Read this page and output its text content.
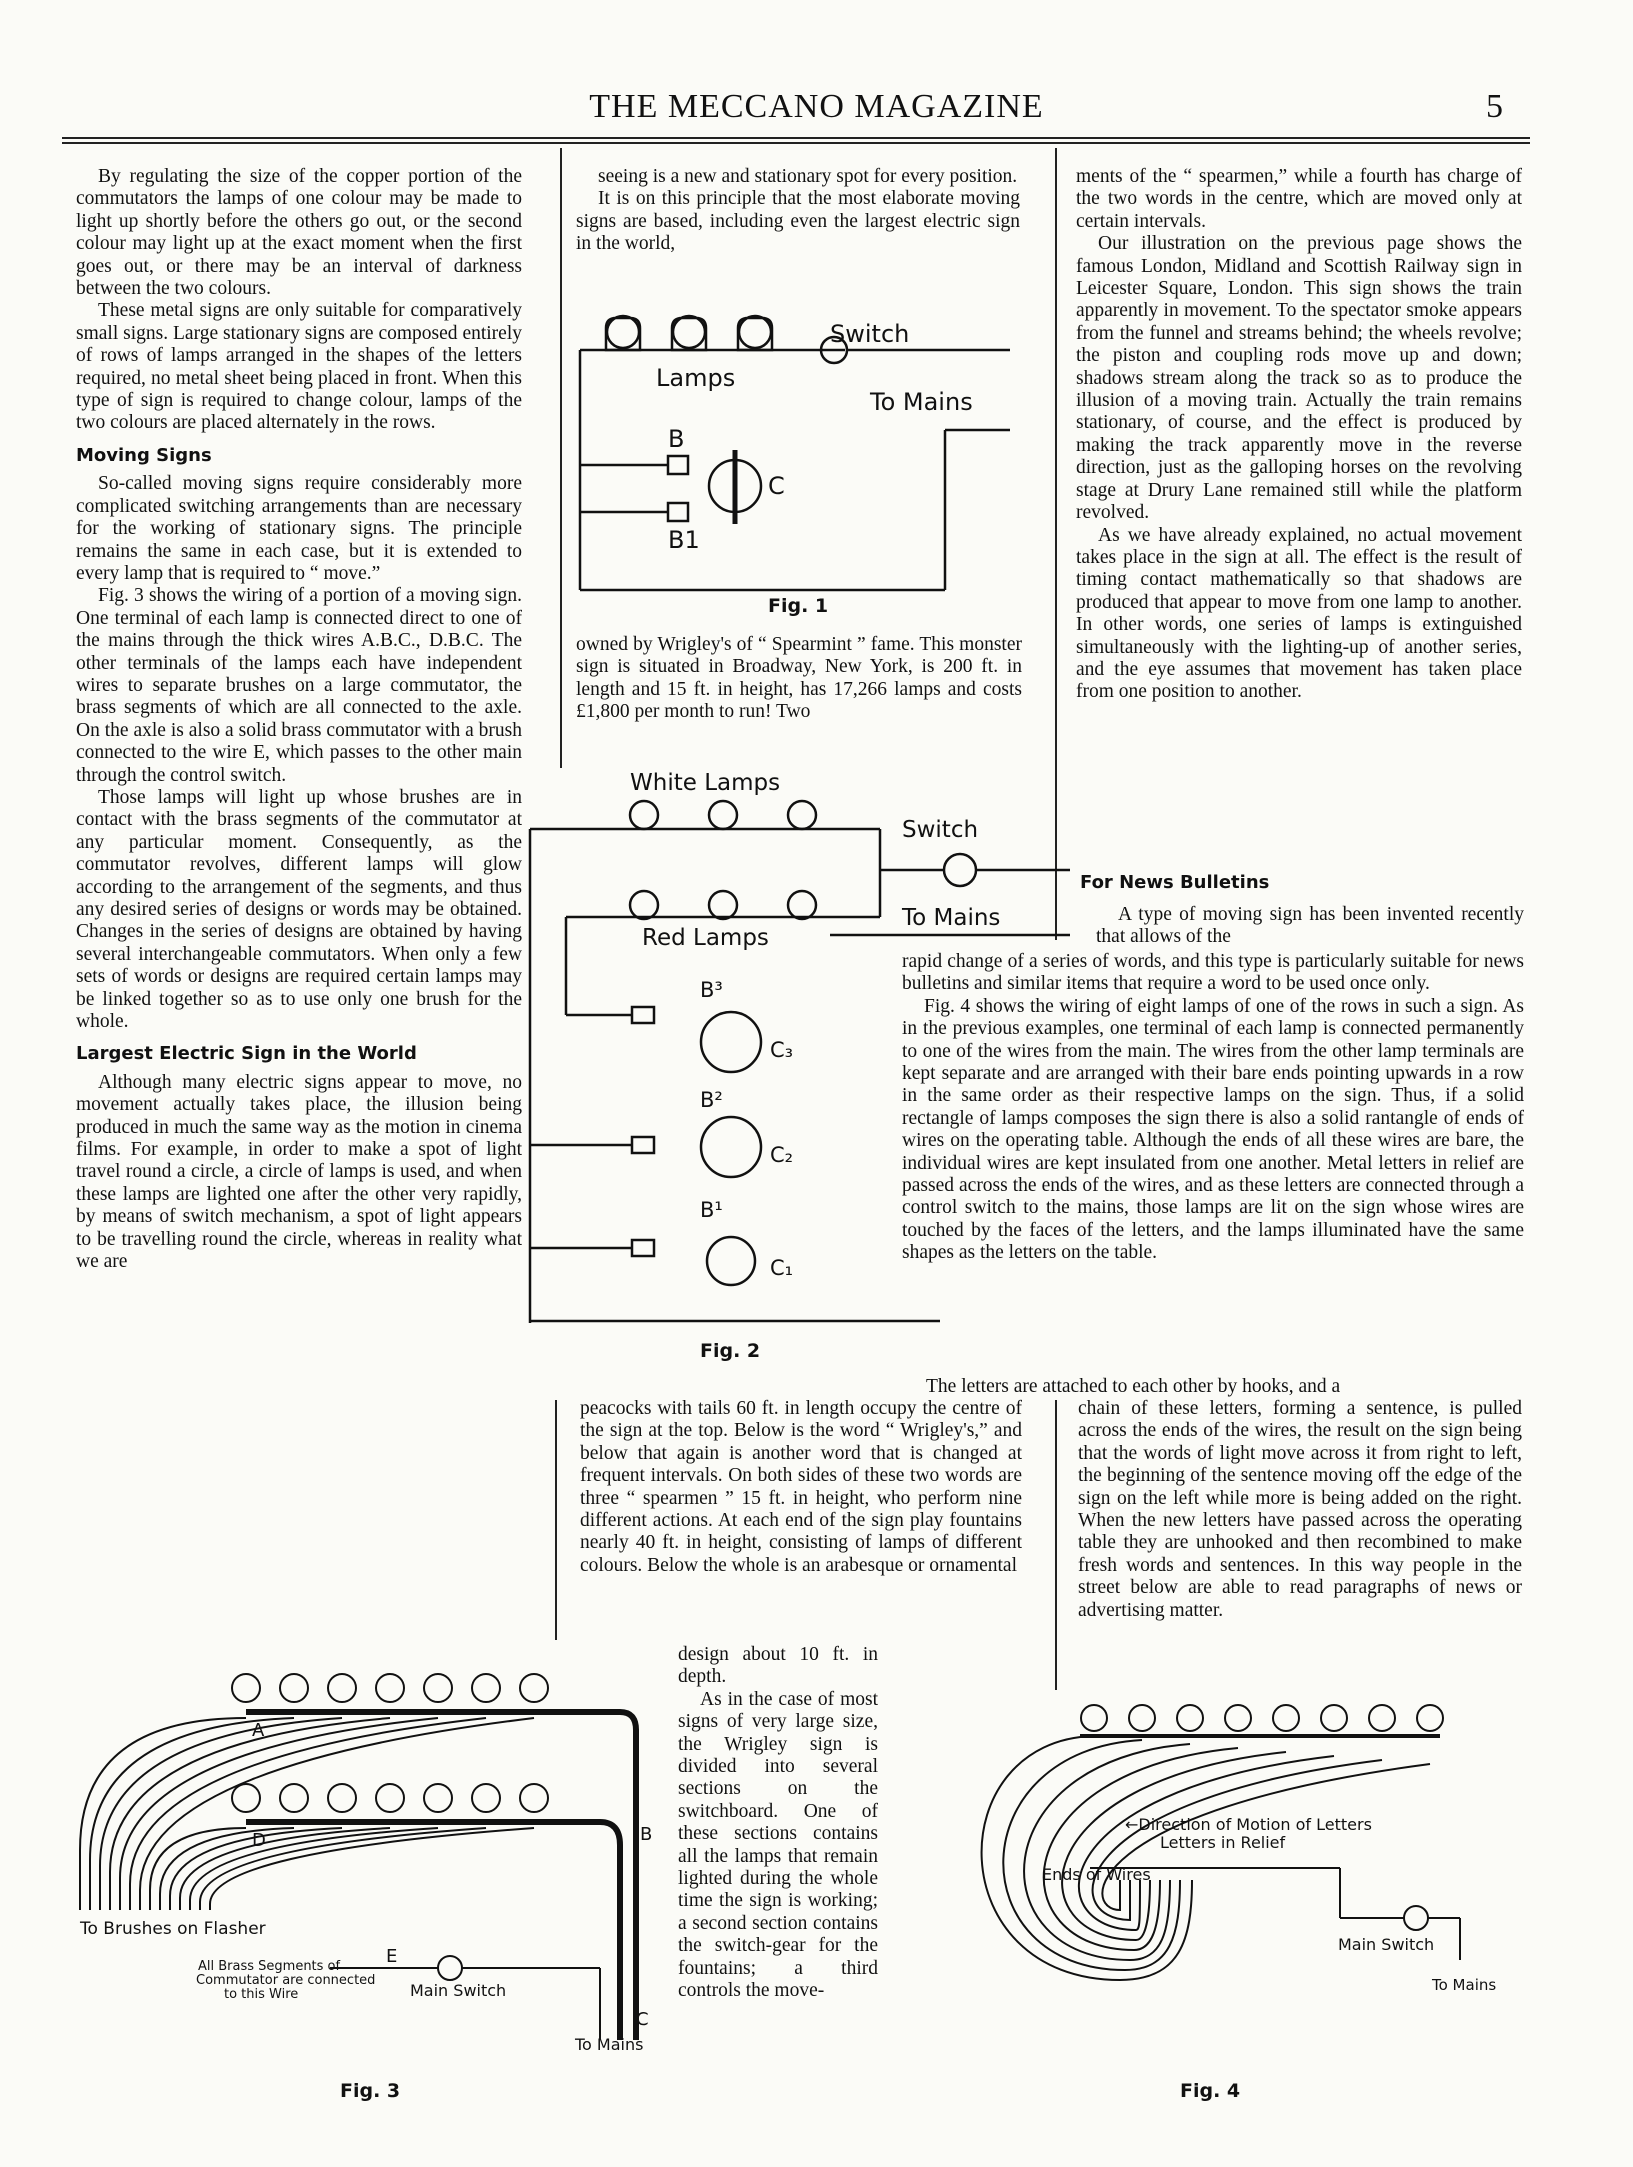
THE MECCANO MAGAZINE	5

By regulating the size of the copper portion of the commutators the lamps of one colour may be made to light up shortly before the others go out, or the second colour may light up at the exact moment when the first goes out, or there may be an interval of darkness between the two colours.

These metal signs are only suitable for comparatively small signs. Large stationary signs are composed entirely of rows of lamps arranged in the shapes of the letters required, no metal sheet being placed in front. When this type of sign is required to change colour, lamps of the two colours are placed alternately in the rows.

Moving Signs

So-called moving signs require considerably more complicated switching arrangements than are necessary for the working of stationary signs. The principle remains the same in each case, but it is extended to every lamp that is required to “ move.”

Fig. 3 shows the wiring of a portion of a moving sign. One terminal of each lamp is connected direct to one of the mains through the thick wires A.B.C., D.B.C. The other terminals of the lamps each have independent wires to separate brushes on a large commutator, the brass segments of which are all connected to the axle. On the axle is also a solid brass commutator with a brush connected to the wire E, which passes to the other main through the control switch.

Those lamps will light up whose brushes are in contact with the brass segments of the commutator at any particular moment. Consequently, as the commutator revolves, different lamps will glow according to the arrangement of the segments, and thus any desired series of designs or words may be obtained. Changes in the series of designs are obtained by having several interchangeable commutators. When only a few sets of words or designs are required certain lamps may be linked together so as to use only one brush for the whole.

Largest Electric Sign in the World

Although many electric signs appear to move, no movement actually takes place, the illusion being produced in much the same way as the motion in cinema films. For example, in order to make a spot of light travel round a circle, a circle of lamps is used, and when these lamps are lighted one after the other very rapidly, by means of switch mechanism, a spot of light appears to be travelling round the circle, whereas in reality what we are

seeing is a new and stationary spot for every position.

It is on this principle that the most elaborate moving signs are based, including even the largest electric sign in the world,

Switch
Lamps
To Mains
B
B1
C
Fig. 1

owned by Wrigley's of “ Spearmint ” fame. This monster sign is situated in Broadway, New York, is 200 ft. in length and 15 ft. in height, has 17,266 lamps and costs £1,800 per month to run! Two

White Lamps
Switch
To Mains
Red Lamps
B³
C₃
B²
C₂
B¹
C₁
Fig. 2

ments of the “ spearmen,” while a fourth has charge of the two words in the centre, which are moved only at certain intervals.

Our illustration on the previous page shows the famous London, Midland and Scottish Railway sign in Leicester Square, London. This sign shows the train apparently in movement. To the spectator smoke appears from the funnel and streams behind; the wheels revolve; the piston and coupling rods move up and down; shadows stream along the track so as to produce the illusion of a moving train. Actually the train remains stationary, of course, and the effect is produced by making the track apparently move in the reverse direction, just as the galloping horses on the revolving stage at Drury Lane remained still while the platform revolved.

As we have already explained, no actual movement takes place in the sign at all. The effect is the result of timing contact mathematically so that shadows are produced that appear to move from one lamp to another. In other words, one series of lamps is extinguished simultaneously with the lighting-up of another series, and the eye assumes that movement has taken place from one position to another.

For News Bulletins

A type of moving sign has been invented recently that allows of the

rapid change of a series of words, and this type is particularly suitable for news bulletins and similar items that require a word to be used once only.

Fig. 4 shows the wiring of eight lamps of one of the rows in such a sign. As in the previous examples, one terminal of each lamp is connected permanently to one of the wires from the main. The wires from the other lamp terminals are kept separate and are arranged with their bare ends pointing upwards in a row in the same order as their respective lamps on the sign. Thus, if a solid rectangle of lamps composes the sign there is also a solid rantangle of ends of wires on the operating table. Although the ends of all these wires are bare, the individual wires are kept insulated from one another. Metal letters in relief are passed across the ends of the wires, and as these letters are connected through a control switch to the mains, those lamps are lit on the sign whose wires are touched by the faces of the letters, and the lamps illuminated have the same shapes as the letters on the table.

The letters are attached to each other by hooks, and a

peacocks with tails 60 ft. in length occupy the centre of the sign at the top. Below is the word “ Wrigley's,” and below that again is another word that is changed at frequent intervals. On both sides of these two words are three “ spearmen ” 15 ft. in height, who perform nine different actions. At each end of the sign play fountains nearly 40 ft. in height, consisting of lamps of different colours. Below the whole is an arabesque or ornamental

design about 10 ft. in depth.

As in the case of most signs of very large size, the Wrigley sign is divided into several sections on the switchboard. One of these sections contains all the lamps that remain lighted during the whole time the sign is working; a second section contains the switch-gear for the fountains; a third controls the move-

chain of these letters, forming a sentence, is pulled across the ends of the wires, the result on the sign being that the words of light move across it from right to left, the beginning of the sentence moving off the edge of the sign on the left while more is being added on the right. When the new letters have passed across the operating table they are unhooked and then recombined to make fresh words and sentences. In this way people in the street below are able to read paragraphs of news or advertising matter.

A
D	B
C
E
To Brushes on Flasher
All Brass Segments of
Commutator are connected
to this Wire	Main Switch
To Mains
Fig. 3
←Direction of Motion of Letters
Letters in Relief
Ends of Wires
Main Switch
To Mains
Fig. 4
